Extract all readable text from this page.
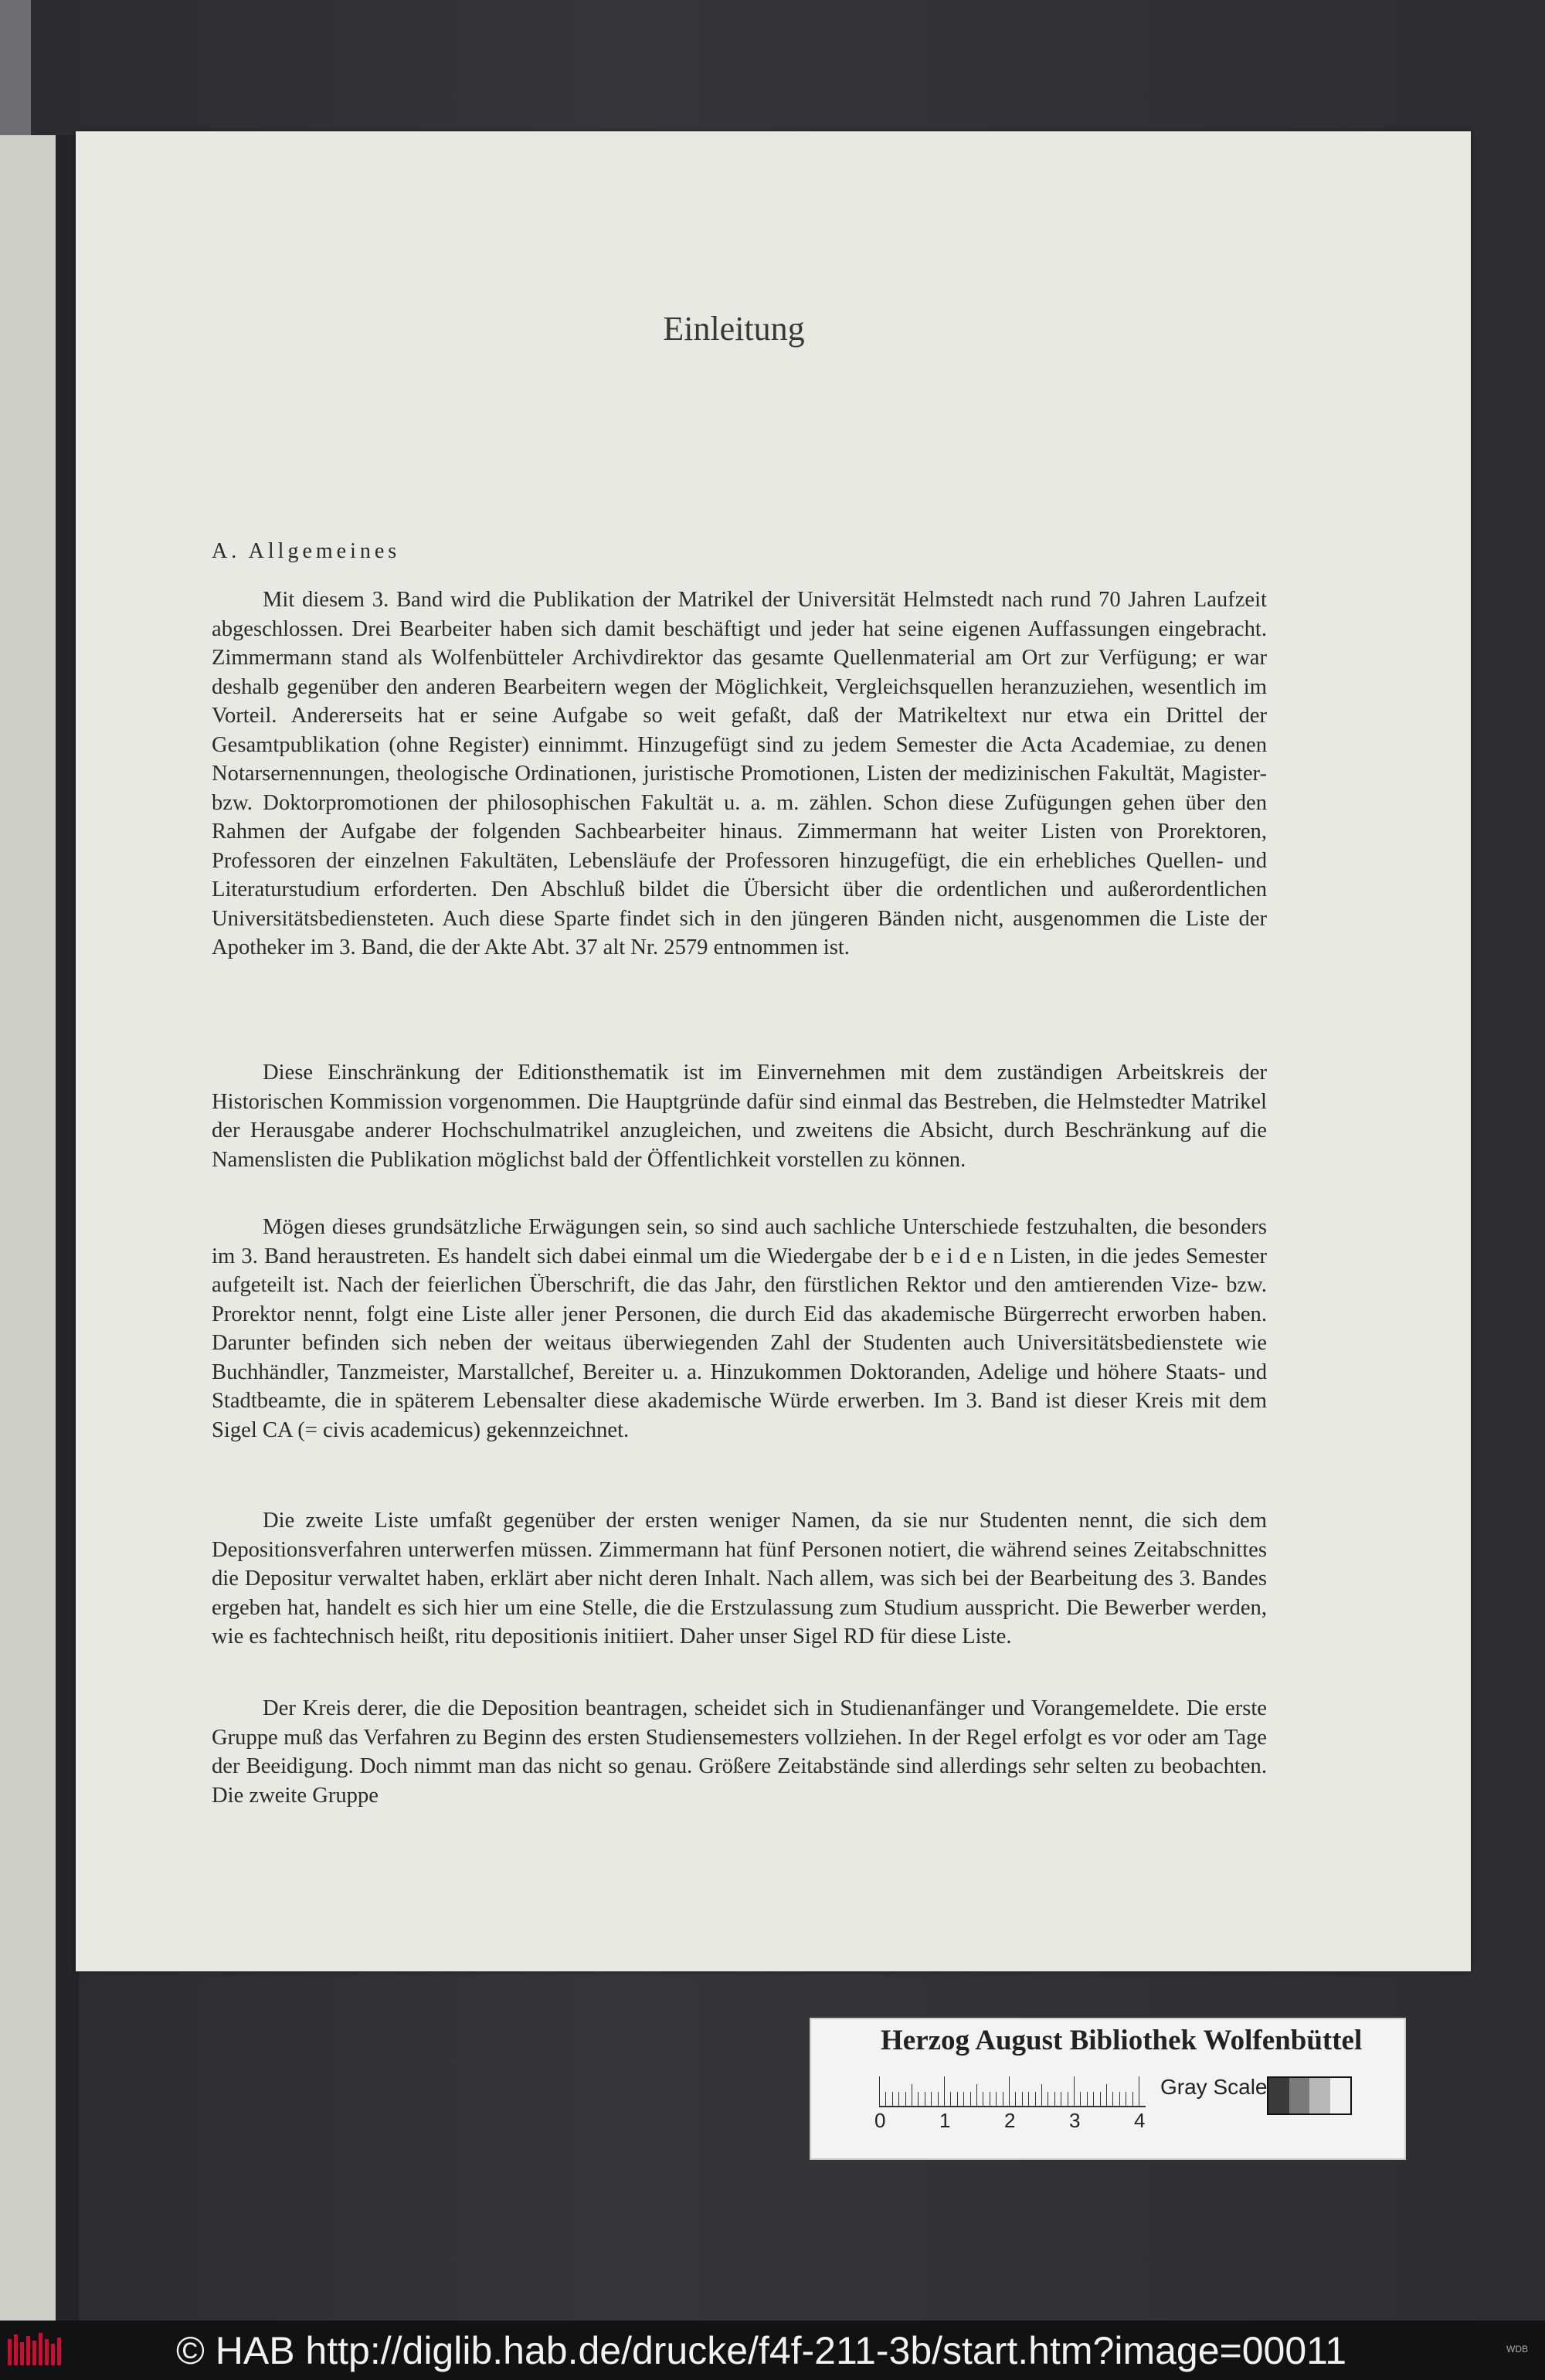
Einleitung
A. Allgemeines
Mit diesem 3. Band wird die Publikation der Matrikel der Universität Helmstedt nach rund 70 Jahren Laufzeit abgeschlossen. Drei Bearbeiter haben sich damit beschäftigt und jeder hat seine eigenen Auffassungen eingebracht. Zimmermann stand als Wolfenbütteler Archivdirektor das gesamte Quellenmaterial am Ort zur Verfügung; er war deshalb gegenüber den anderen Bearbeitern wegen der Möglichkeit, Vergleichsquellen heranzuziehen, wesentlich im Vorteil. Andererseits hat er seine Aufgabe so weit gefaßt, daß der Matrikeltext nur etwa ein Drittel der Gesamtpublikation (ohne Register) einnimmt. Hinzugefügt sind zu jedem Semester die Acta Academiae, zu denen Notarsernennungen, theologische Ordinationen, juristische Promotionen, Listen der medizinischen Fakultät, Magister- bzw. Doktorpromotionen der philosophischen Fakultät u. a. m. zählen. Schon diese Zufügungen gehen über den Rahmen der Aufgabe der folgenden Sachbearbeiter hinaus. Zimmermann hat weiter Listen von Prorektoren, Professoren der einzelnen Fakultäten, Lebensläufe der Professoren hinzugefügt, die ein erhebliches Quellen- und Literaturstudium erforderten. Den Abschluß bildet die Übersicht über die ordentlichen und außerordentlichen Universitätsbediensteten. Auch diese Sparte findet sich in den jüngeren Bänden nicht, ausgenommen die Liste der Apotheker im 3. Band, die der Akte Abt. 37 alt Nr. 2579 entnommen ist.
Diese Einschränkung der Editionsthematik ist im Einvernehmen mit dem zuständigen Arbeitskreis der Historischen Kommission vorgenommen. Die Hauptgründe dafür sind einmal das Bestreben, die Helmstedter Matrikel der Herausgabe anderer Hochschulmatrikel anzugleichen, und zweitens die Absicht, durch Beschränkung auf die Namenslisten die Publikation möglichst bald der Öffentlichkeit vorstellen zu können.
Mögen dieses grundsätzliche Erwägungen sein, so sind auch sachliche Unterschiede festzuhalten, die besonders im 3. Band heraustreten. Es handelt sich dabei einmal um die Wiedergabe der b e i d e n Listen, in die jedes Semester aufgeteilt ist. Nach der feierlichen Überschrift, die das Jahr, den fürstlichen Rektor und den amtierenden Vize- bzw. Prorektor nennt, folgt eine Liste aller jener Personen, die durch Eid das akademische Bürgerrecht erworben haben. Darunter befinden sich neben der weitaus überwiegenden Zahl der Studenten auch Universitätsbedienstete wie Buchhändler, Tanzmeister, Marstallchef, Bereiter u. a. Hinzukommen Doktoranden, Adelige und höhere Staats- und Stadtbeamte, die in späterem Lebensalter diese akademische Würde erwerben. Im 3. Band ist dieser Kreis mit dem Sigel CA (= civis academicus) gekennzeichnet.
Die zweite Liste umfaßt gegenüber der ersten weniger Namen, da sie nur Studenten nennt, die sich dem Depositionsverfahren unterwerfen müssen. Zimmermann hat fünf Personen notiert, die während seines Zeitabschnittes die Depositur verwaltet haben, erklärt aber nicht deren Inhalt. Nach allem, was sich bei der Bearbeitung des 3. Bandes ergeben hat, handelt es sich hier um eine Stelle, die die Erstzulassung zum Studium ausspricht. Die Bewerber werden, wie es fachtechnisch heißt, ritu depositionis initiiert. Daher unser Sigel RD für diese Liste.
Der Kreis derer, die die Deposition beantragen, scheidet sich in Studienanfänger und Vorangemeldete. Die erste Gruppe muß das Verfahren zu Beginn des ersten Studiensemesters vollziehen. In der Regel erfolgt es vor oder am Tage der Beeidigung. Doch nimmt man das nicht so genau. Größere Zeitabstände sind allerdings sehr selten zu beobachten. Die zweite Gruppe
Herzog August Bibliothek Wolfenbüttel
0	1	2	3	4
Gray Scale
© HAB http://diglib.hab.de/drucke/f4f-211-3b/start.htm?image=00011	WDB
